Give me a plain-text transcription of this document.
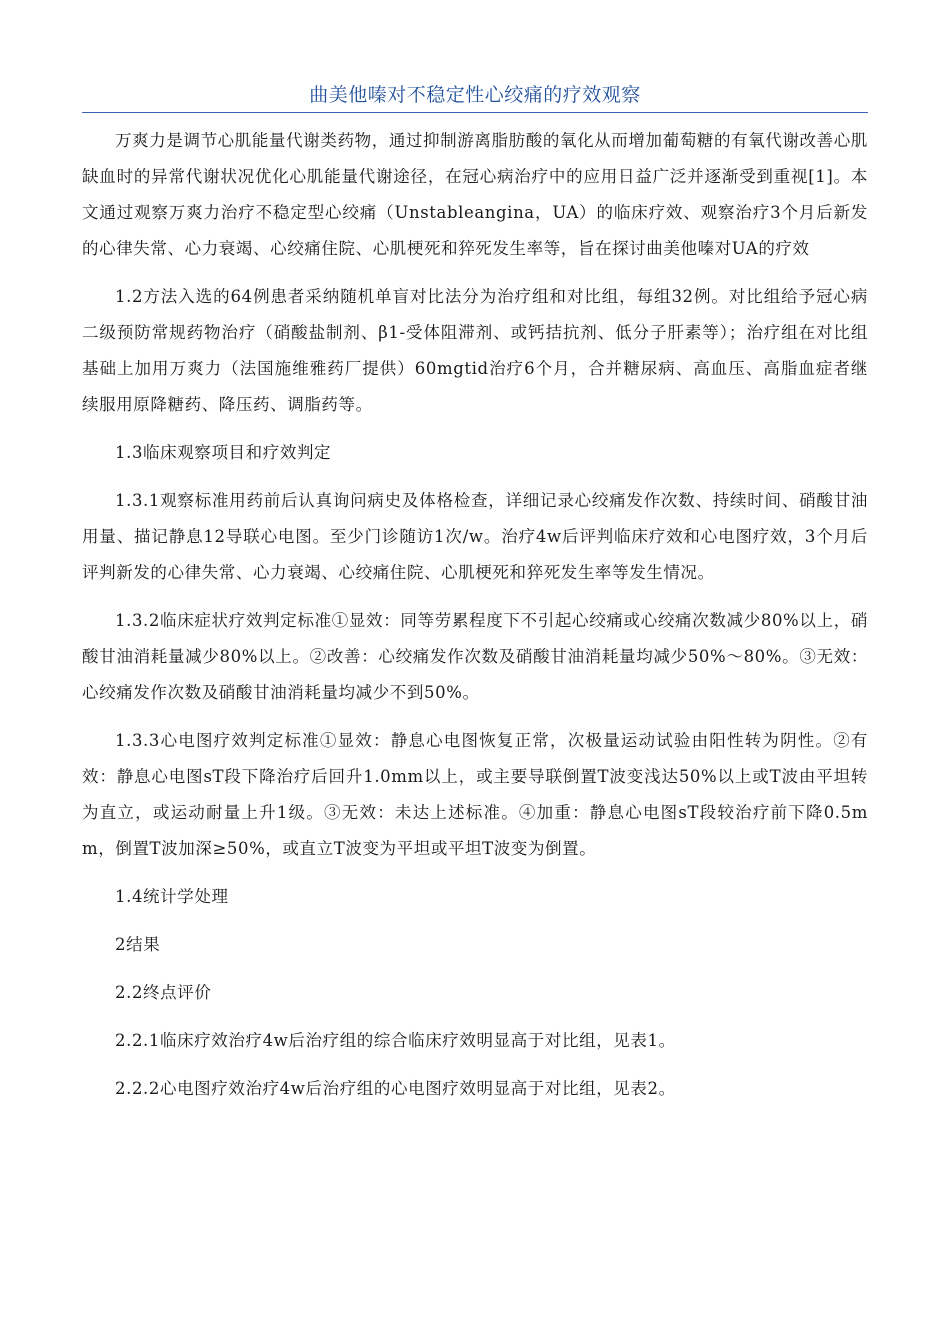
曲美他嗪对不稳定性心绞痛的疗效观察

万爽力是调节心肌能量代谢类药物，通过抑制游离脂肪酸的氧化从而增加葡萄糖的有氧代谢改善心肌缺血时的异常代谢状况优化心肌能量代谢途径，在冠心病治疗中的应用日益广泛并逐渐受到重视[1]。本文通过观察万爽力治疗不稳定型心绞痛（Unstableangina，UA）的临床疗效、观察治疗3个月后新发的心律失常、心力衰竭、心绞痛住院、心肌梗死和猝死发生率等，旨在探讨曲美他嗪对UA的疗效

1.2方法入选的64例患者采纳随机单盲对比法分为治疗组和对比组，每组32例。对比组给予冠心病二级预防常规药物治疗（硝酸盐制剂、β1-受体阻滞剂、或钙拮抗剂、低分子肝素等）；治疗组在对比组基础上加用万爽力（法国施维雅药厂提供）60mgtid治疗6个月，合并糖尿病、高血压、高脂血症者继续服用原降糖药、降压药、调脂药等。

1.3临床观察项目和疗效判定

1.3.1观察标准用药前后认真询问病史及体格检查，详细记录心绞痛发作次数、持续时间、硝酸甘油用量、描记静息12导联心电图。至少门诊随访1次/w。治疗4w后评判临床疗效和心电图疗效，3个月后评判新发的心律失常、心力衰竭、心绞痛住院、心肌梗死和猝死发生率等发生情况。

1.3.2临床症状疗效判定标准①显效：同等劳累程度下不引起心绞痛或心绞痛次数减少80%以上，硝酸甘油消耗量减少80%以上。②改善：心绞痛发作次数及硝酸甘油消耗量均减少50%～80%。③无效：心绞痛发作次数及硝酸甘油消耗量均减少不到50%。

1.3.3心电图疗效判定标准①显效：静息心电图恢复正常，次极量运动试验由阳性转为阴性。②有效：静息心电图sT段下降治疗后回升1.0mm以上，或主要导联倒置T波变浅达50%以上或T波由平坦转为直立，或运动耐量上升1级。③无效：未达上述标准。④加重：静息心电图sT段较治疗前下降0.5mm，倒置T波加深≥50%，或直立T波变为平坦或平坦T波变为倒置。

1.4统计学处理

2结果

2.2终点评价

2.2.1临床疗效治疗4w后治疗组的综合临床疗效明显高于对比组，见表1。

2.2.2心电图疗效治疗4w后治疗组的心电图疗效明显高于对比组，见表2。
